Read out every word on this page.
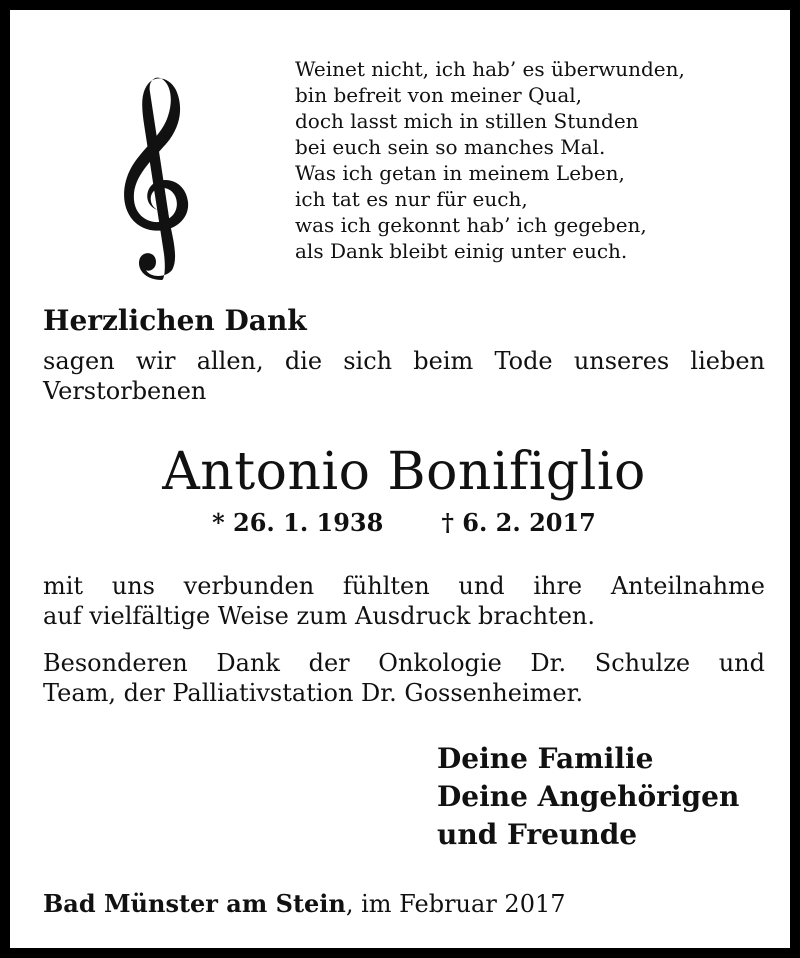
Weinet nicht, ich hab’ es überwunden,
bin befreit von meiner Qual,
doch lasst mich in stillen Stunden
bei euch sein so manches Mal.
Was ich getan in meinem Leben,
ich tat es nur für euch,
was ich gekonnt hab’ ich gegeben,
als Dank bleibt einig unter euch.
Herzlichen Dank
sagen wir allen, die sich beim Tode unseres lieben
Verstorbenen
Antonio Bonifiglio
* 26. 1. 1938 † 6. 2. 2017
mit uns verbunden fühlten und ihre Anteilnahme
auf vielfältige Weise zum Ausdruck brachten.
Besonderen Dank der Onkologie Dr. Schulze und
Team, der Palliativstation Dr. Gossenheimer.
Deine Familie
Deine Angehörigen
und Freunde
Bad Münster am Stein, im Februar 2017
